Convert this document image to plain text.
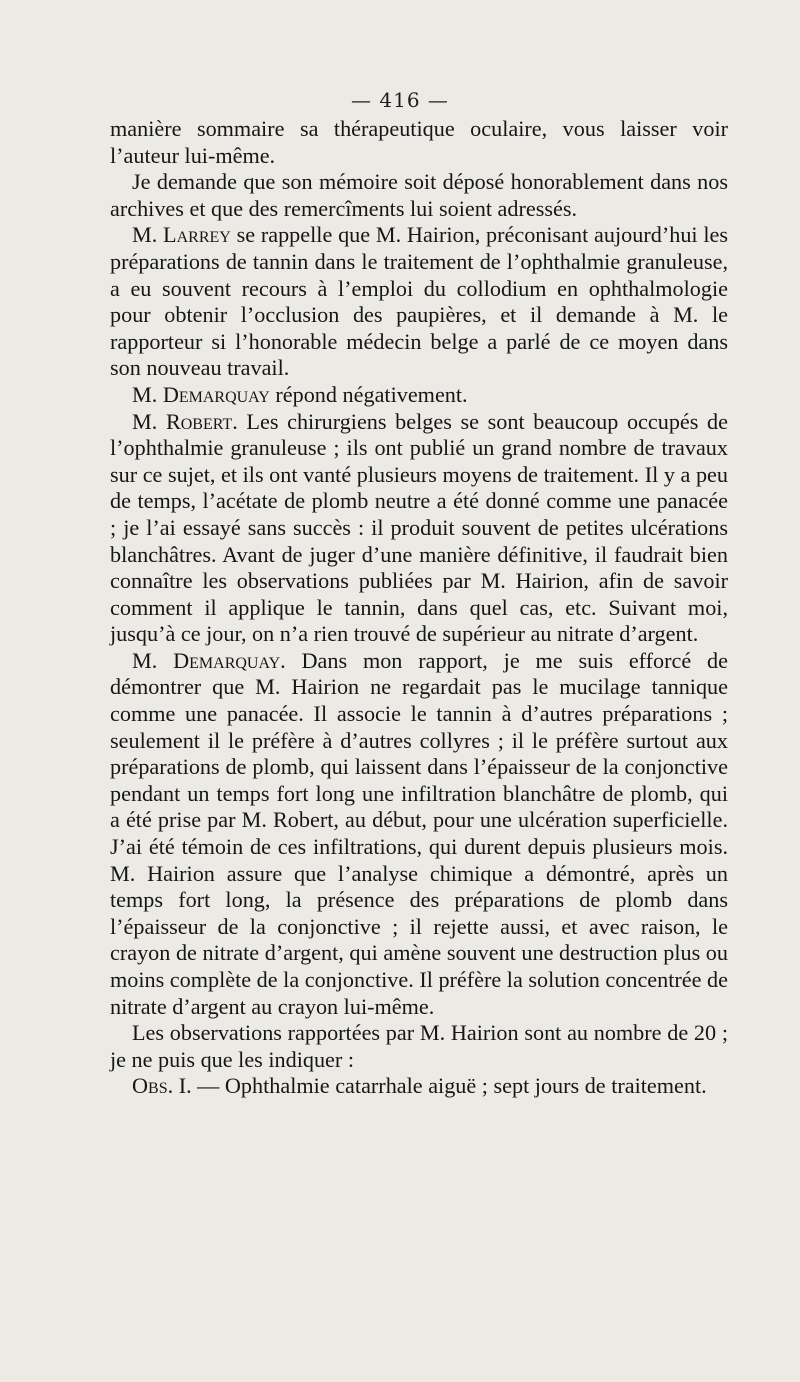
— 416 —

manière sommaire sa thérapeutique oculaire, vous laisser voir l’auteur lui-même.

Je demande que son mémoire soit déposé honorablement dans nos archives et que des remercîments lui soient adressés.

M. Larrey se rappelle que M. Hairion, préconisant aujourd’hui les préparations de tannin dans le traitement de l’ophthalmie granuleuse, a eu souvent recours à l’emploi du collodium en ophthalmologie pour obtenir l’occlusion des paupières, et il demande à M. le rapporteur si l’honorable médecin belge a parlé de ce moyen dans son nouveau travail.

M. Demarquay répond négativement.

M. Robert. Les chirurgiens belges se sont beaucoup occupés de l’ophthalmie granuleuse ; ils ont publié un grand nombre de travaux sur ce sujet, et ils ont vanté plusieurs moyens de traitement. Il y a peu de temps, l’acétate de plomb neutre a été donné comme une panacée ; je l’ai essayé sans succès : il produit souvent de petites ulcérations blanchâtres. Avant de juger d’une manière définitive, il faudrait bien connaître les observations publiées par M. Hairion, afin de savoir comment il applique le tannin, dans quel cas, etc. Suivant moi, jusqu’à ce jour, on n’a rien trouvé de supérieur au nitrate d’argent.

M. Demarquay. Dans mon rapport, je me suis efforcé de démontrer que M. Hairion ne regardait pas le mucilage tannique comme une panacée. Il associe le tannin à d’autres préparations ; seulement il le préfère à d’autres collyres ; il le préfère surtout aux préparations de plomb, qui laissent dans l’épaisseur de la conjonctive pendant un temps fort long une infiltration blanchâtre de plomb, qui a été prise par M. Robert, au début, pour une ulcération superficielle. J’ai été témoin de ces infiltrations, qui durent depuis plusieurs mois. M. Hairion assure que l’analyse chimique a démontré, après un temps fort long, la présence des préparations de plomb dans l’épaisseur de la conjonctive ; il rejette aussi, et avec raison, le crayon de nitrate d’argent, qui amène souvent une destruction plus ou moins complète de la conjonctive. Il préfère la solution concentrée de nitrate d’argent au crayon lui-même.

Les observations rapportées par M. Hairion sont au nombre de 20 ; je ne puis que les indiquer :

Obs. I. — Ophthalmie catarrhale aiguë ; sept jours de traitement.
